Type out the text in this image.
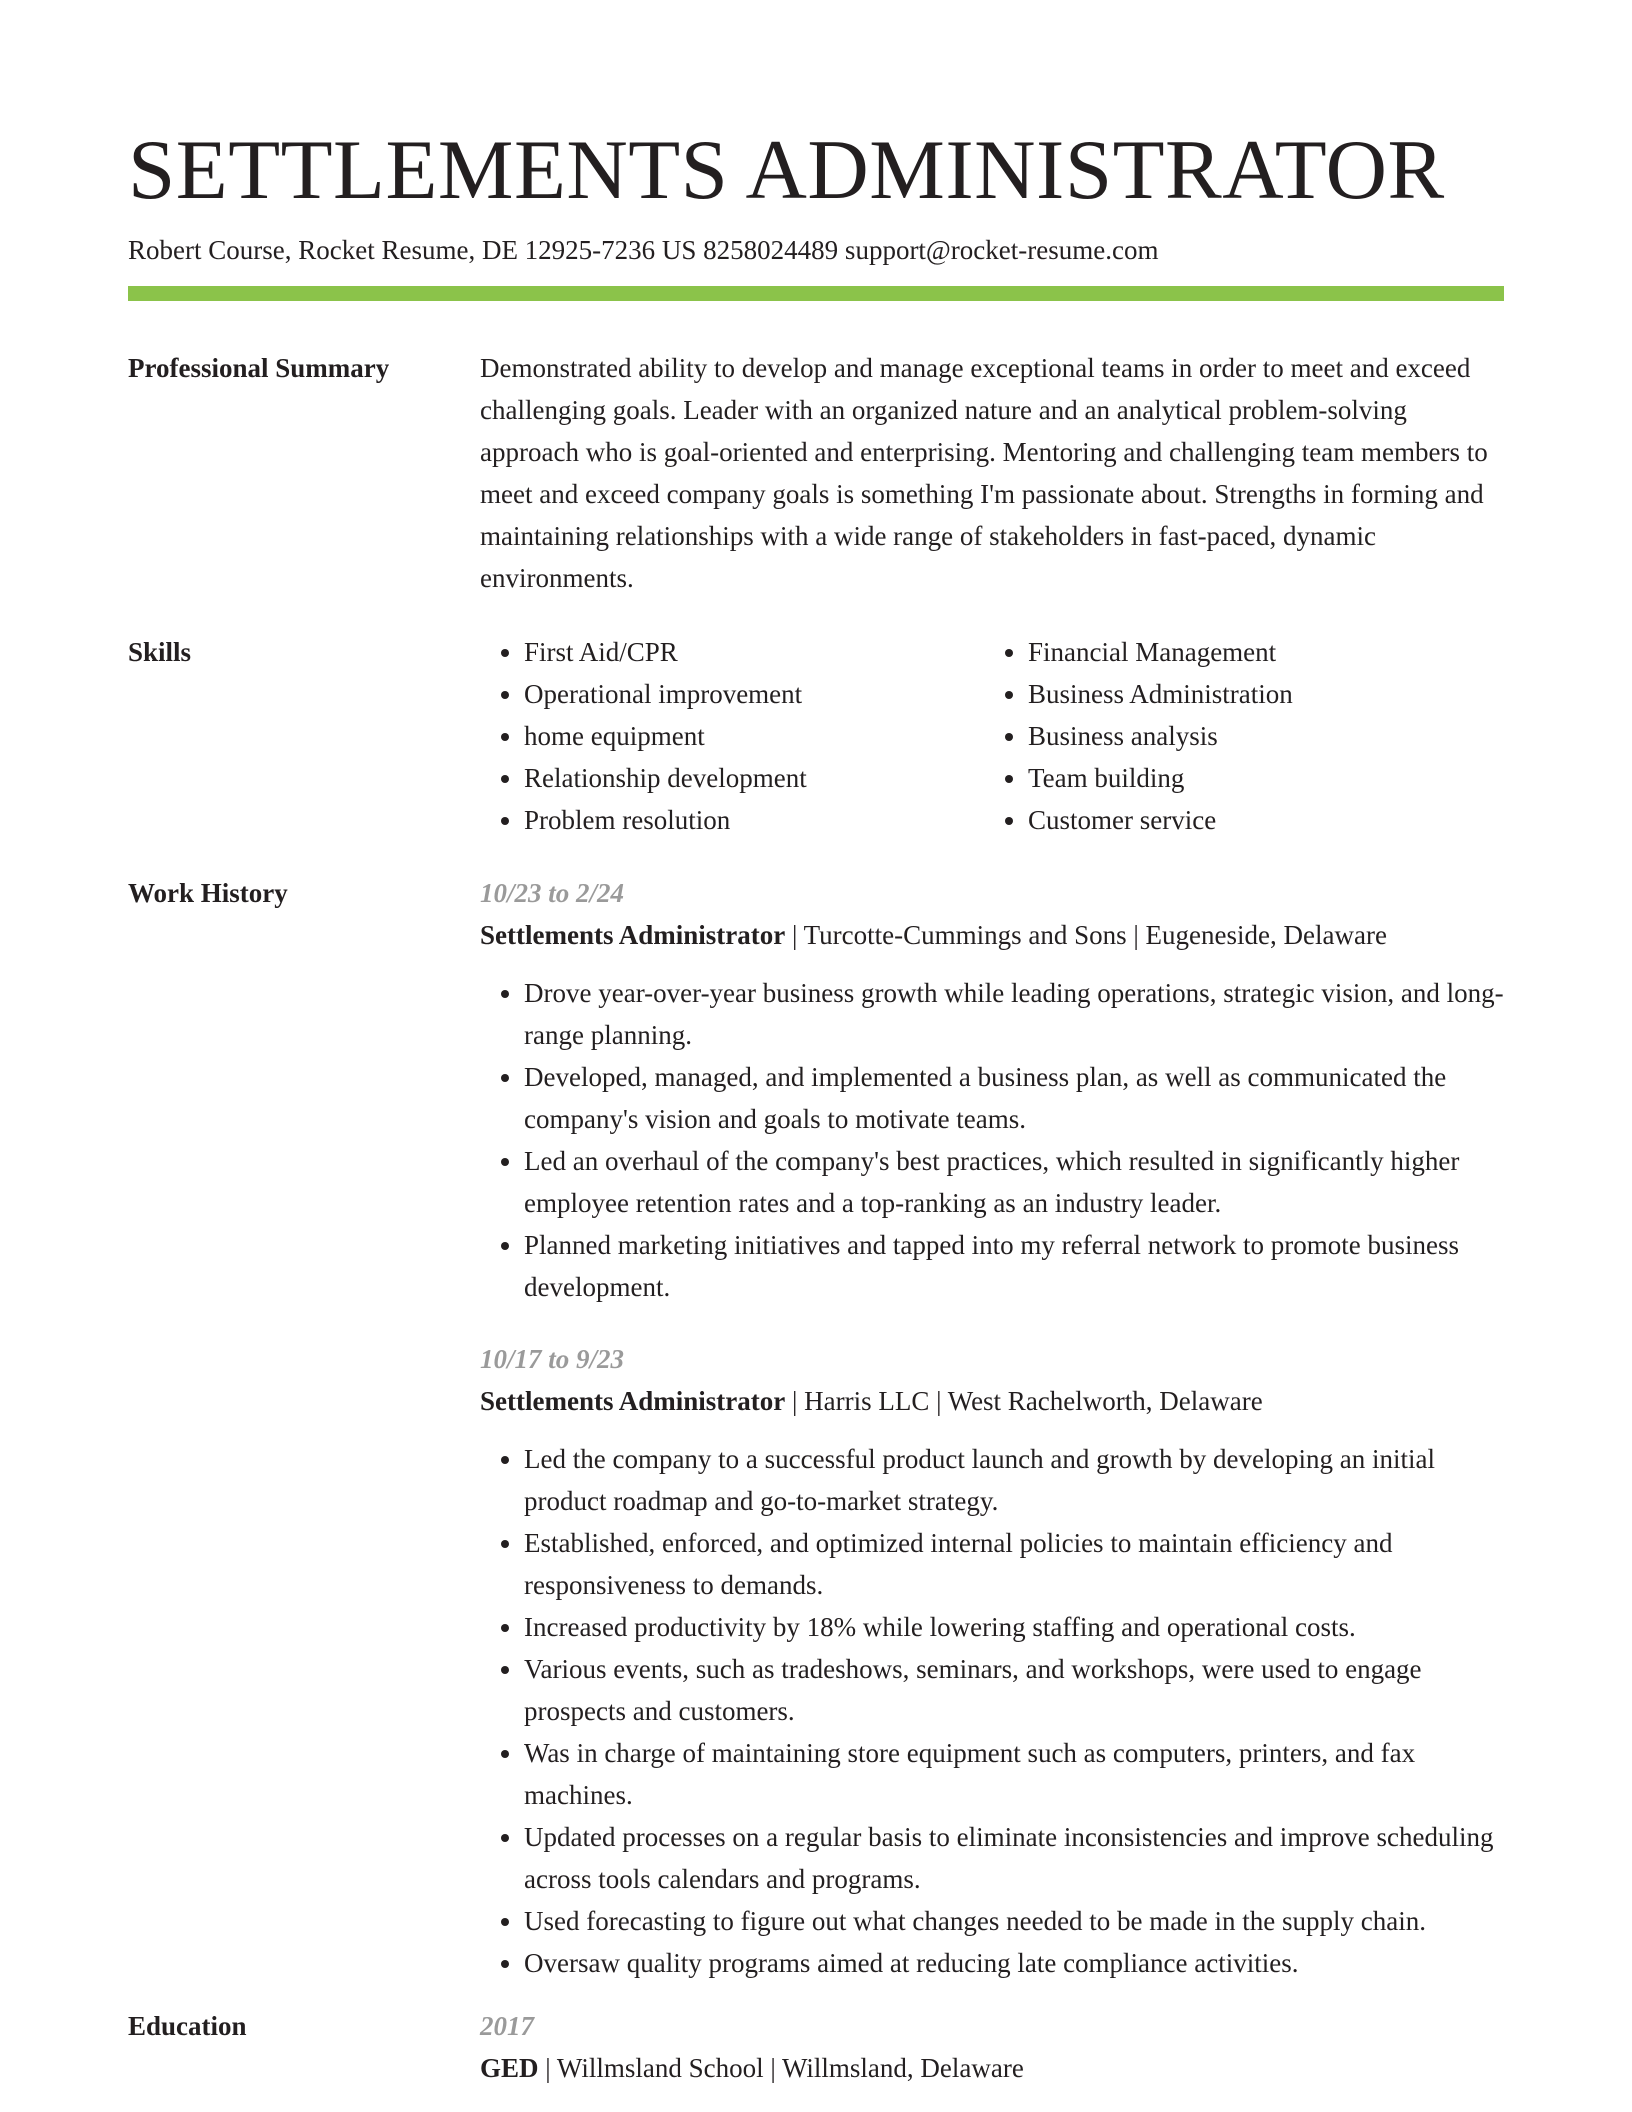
SETTLEMENTS ADMINISTRATOR
Robert Course, Rocket Resume, DE 12925-7236 US 8258024489 support@rocket-resume.com
Professional Summary	Demonstrated ability to develop and manage exceptional teams in order to meet and exceed challenging goals. Leader with an organized nature and an analytical problem-solving approach who is goal-oriented and enterprising. Mentoring and challenging team members to meet and exceed company goals is something I'm passionate about. Strengths in forming and maintaining relationships with a wide range of stakeholders in fast-paced, dynamic environments.

Skills
•	First Aid/CPR
• Operational improvement
• home equipment
• Relationship development
• Problem resolution
• Financial Management
• Business Administration
• Business analysis
• Team building
• Customer service
Work History	10/23 to 2/24
Settlements Administrator | Turcotte-Cummings and Sons | Eugeneside, Delaware
• Drove year-over-year business growth while leading operations, strategic vision, and long-range planning.
• Developed, managed, and implemented a business plan, as well as communicated the company's vision and goals to motivate teams.
• Led an overhaul of the company's best practices, which resulted in significantly higher employee retention rates and a top-ranking as an industry leader.
• Planned marketing initiatives and tapped into my referral network to promote business development.
10/17 to 9/23
Settlements Administrator | Harris LLC | West Rachelworth, Delaware
• Led the company to a successful product launch and growth by developing an initial product roadmap and go-to-market strategy.
• Established, enforced, and optimized internal policies to maintain efficiency and responsiveness to demands.
• Increased productivity by 18% while lowering staffing and operational costs.
• Various events, such as tradeshows, seminars, and workshops, were used to engage prospects and customers.
• Was in charge of maintaining store equipment such as computers, printers, and fax machines.
• Updated processes on a regular basis to eliminate inconsistencies and improve scheduling across tools calendars and programs.
• Used forecasting to figure out what changes needed to be made in the supply chain.
• Oversaw quality programs aimed at reducing late compliance activities.
Education	2017
GED | Willmsland School | Willmsland, Delaware
